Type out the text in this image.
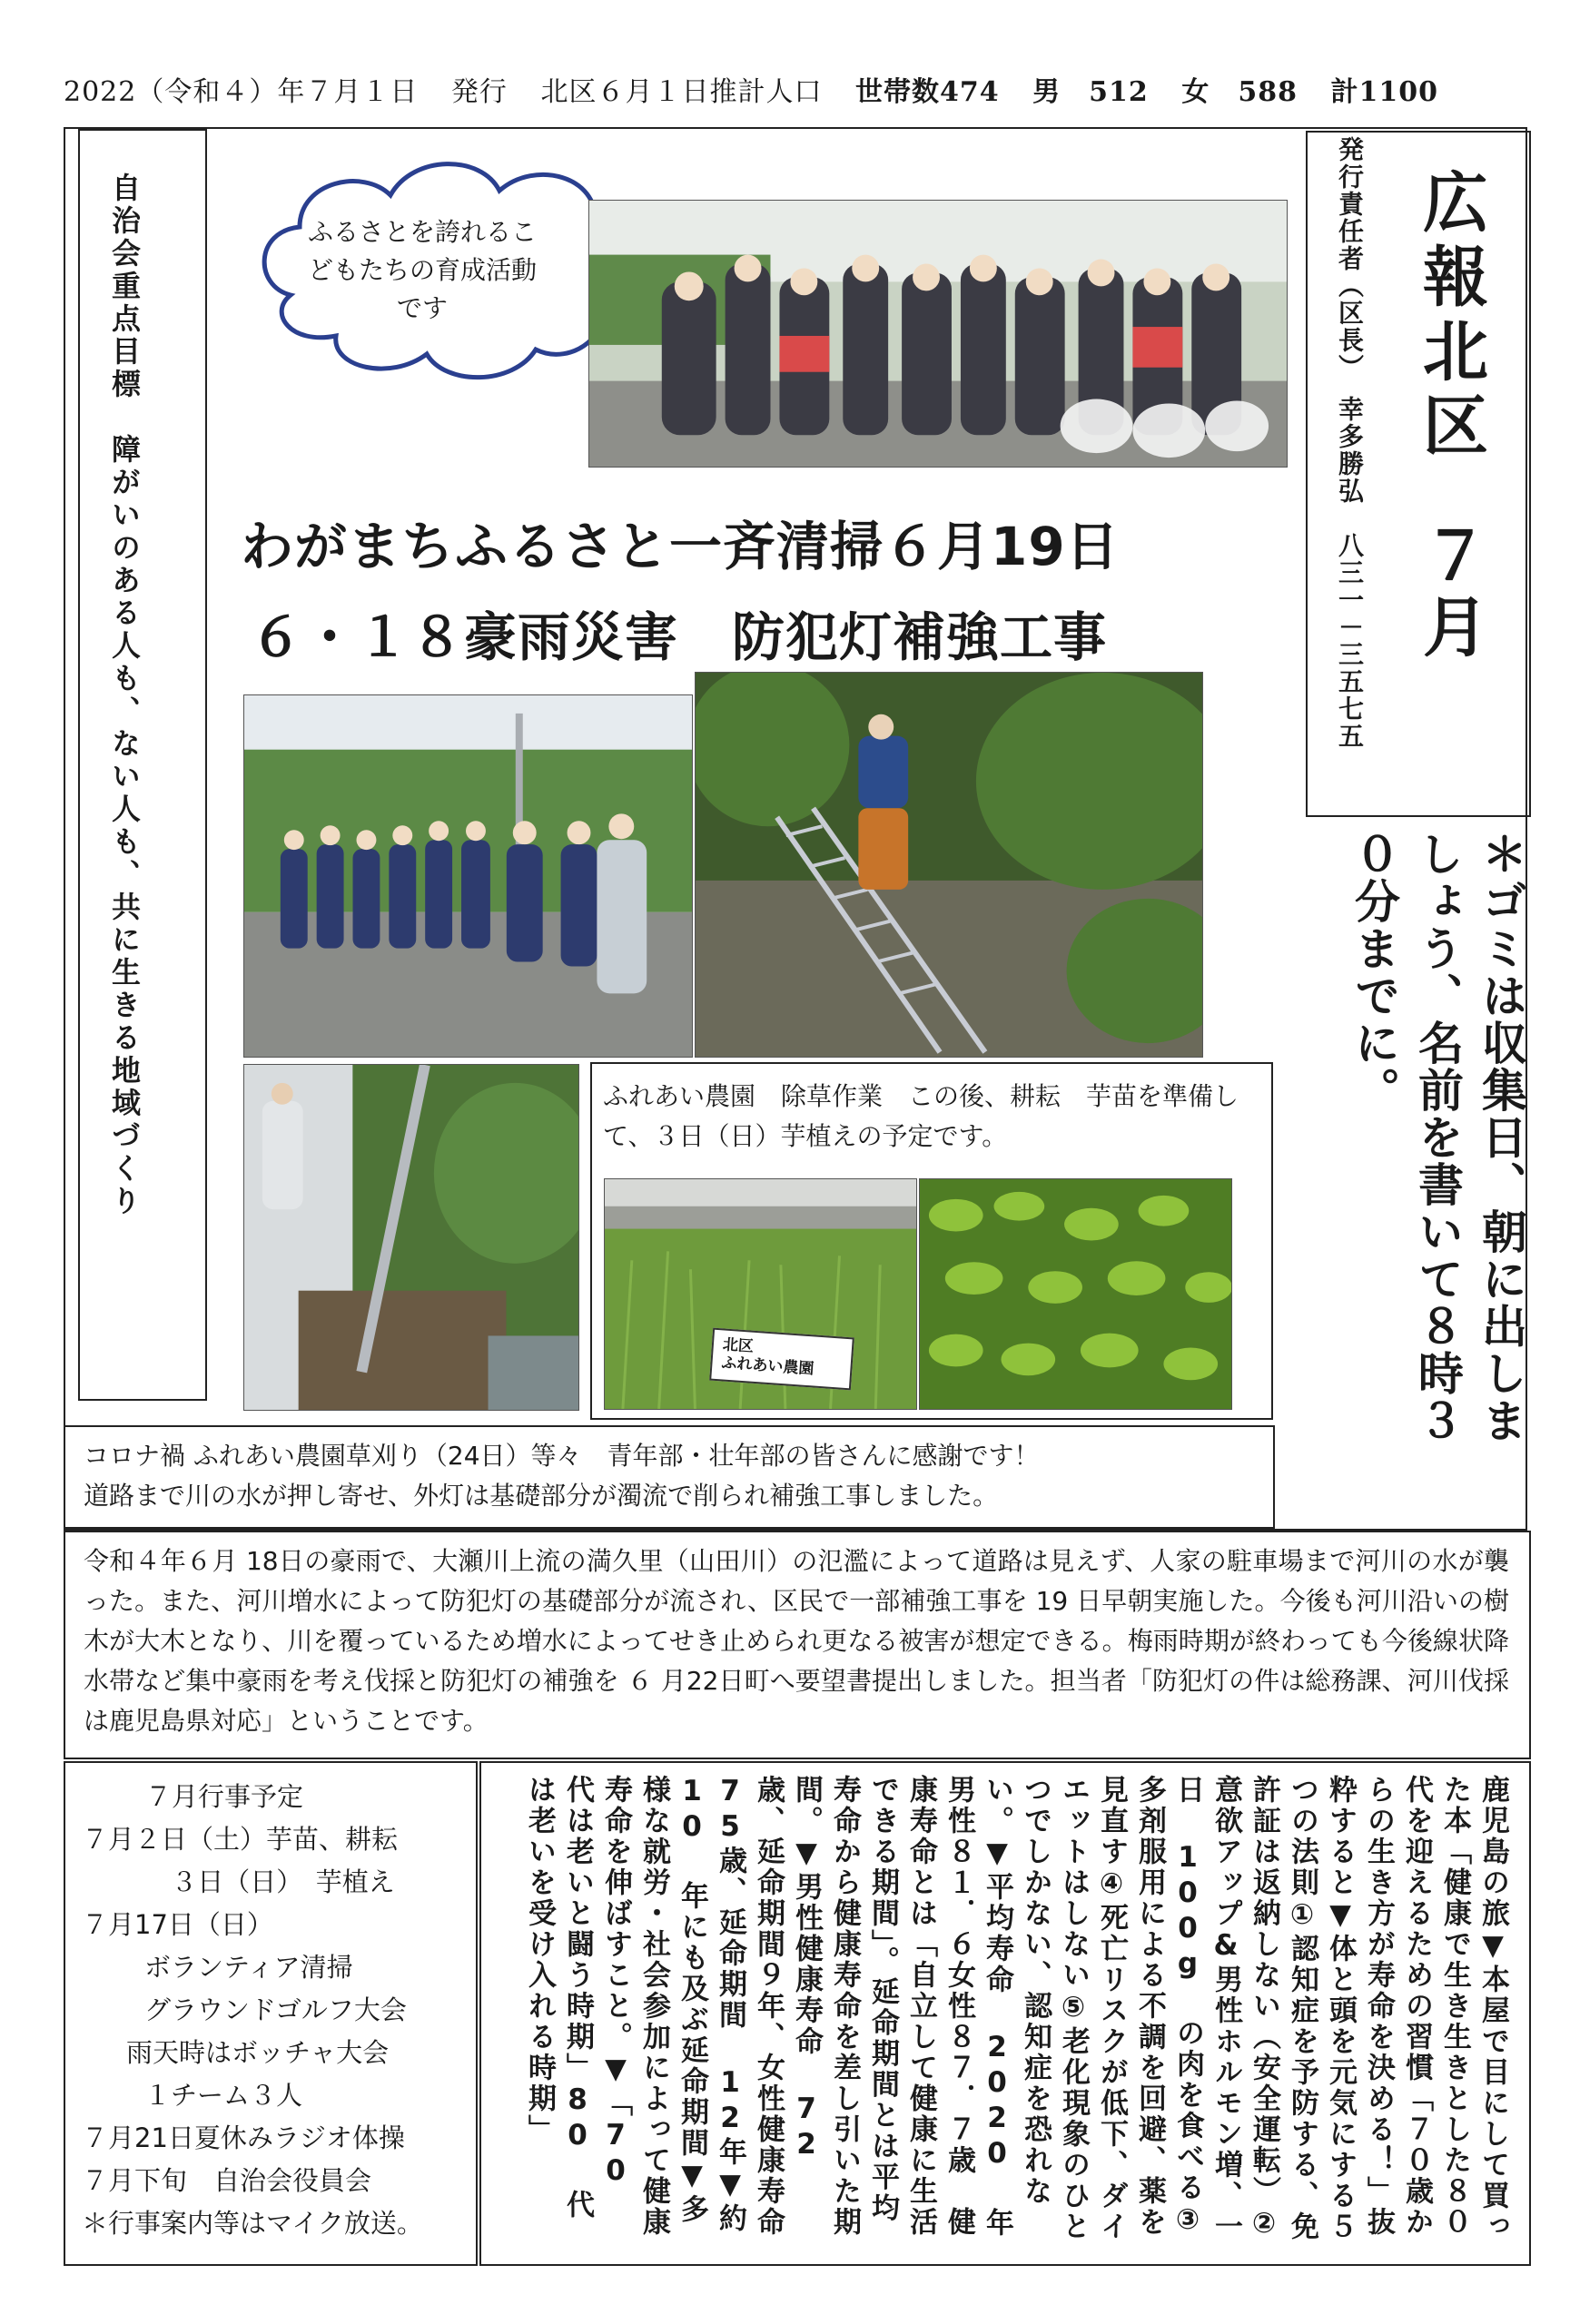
2022（令和４）年７月１日 発行 北区６月１日推計人口 世帯数474 男　512 女　588 計1100
自治会重点目標　障がいのある人も、ない人も、共に生きる地域づくり	ふるさとを誇れるこどもたちの育成活動です
わがまちふるさと一斉清掃６月19日
６・１８豪雨災害　防犯灯補強工事
ふれあい農園　除草作業　この後、耕耘　芋苗を準備して、３日（日）芋植えの予定です。
北区
ふれあい農園
発行責任者（区長）　幸多勝弘　八三一－三五七五 広報北区
７月
＊ゴミは収集日、朝に出しましょう、名前を書いて８時３０分までに。
コロナ禍 ふれあい農園草刈り（24日）等々　青年部・壮年部の皆さんに感謝です！
道路まで川の水が押し寄せ、外灯は基礎部分が濁流で削られ補強工事しました。
令和４年６月 18日の豪雨で、大瀬川上流の満久里（山田川）の氾濫によって道路は見えず、人家の駐車場まで河川の水が襲った。また、河川増水によって防犯灯の基礎部分が流され、区民で一部補強工事を 19 日早朝実施した。今後も河川沿いの樹木が大木となり、川を覆っているため増水によってせき止められ更なる被害が想定できる。梅雨時期が終わっても今後線状降水帯など集中豪雨を考え伐採と防犯灯の補強を ６ 月22日町へ要望書提出しました。担当者「防犯灯の件は総務課、河川伐採は鹿児島県対応」ということです。
７月行事予定
７月２日（土）芋苗、耕耘
　 ３日（日）　芋植え
７月17日（日）
　ボランティア清掃
　グラウンドゴルフ大会
　雨天時はボッチャ大会
　１チーム３人
７月21日夏休みラジオ体操
７月下旬　自治会役員会
＊行事案内等はマイク放送。	鹿児島の旅▼本屋で目にして買った本「健康で生き生きとした８０代を迎えるための習慣「７０歳からの生き方が寿命を決める！」抜粋すると▼体と頭を元気にする５つの法則①認知症を予防する、免許証は返納しない（安全運転）②意欲アップ&男性ホルモン増、一日 100g の肉を食べる③多剤服用による不調を回避、薬を見直す④死亡リスクが低下、ダイエットはしない⑤老化現象のひとつでしかない、認知症を恐れない。▼平均寿命 2020 年男性８１．６女性８７．７歳　健康寿命とは「自立して健康に生活できる期間」。延命期間とは平均寿命から健康寿命を差し引いた期間。▼男性健康寿命 72 歳、延命期間９年、女性健康寿命 75歳、延命期間 12年▼約10 年にも及ぶ延命期間▼多様な就労・社会参加によって健康寿命を伸ばすこと。▼「70 代は老いと闘う時期」80 代は老いを受け入れる時期」
